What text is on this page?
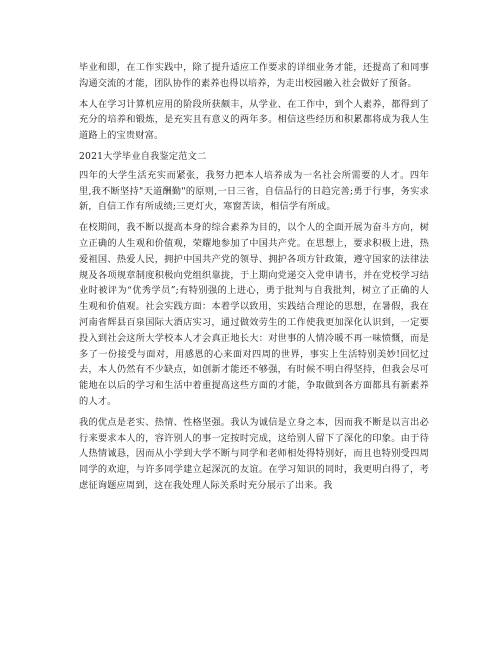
毕业和即，在工作实践中，除了提升适应工作要求的详细业务才能，还提高了和同事沟通交流的才能，团队协作的素养也得以培养，为走出校园融入社会做好了预备。

本人在学习计算机应用的阶段所获颇丰，从学业、在工作中，到个人素养，都得到了充分的培养和锻炼，是充实且有意义的两年多。相信这些经历和积累都将成为我人生道路上的宝贵财富。

2021大学毕业自我鉴定范文二

四年的大学生活充实而紧张，我努力把本人培养成为一名社会所需要的人才。四年里,我不断坚持"天道酬勤"的原则,一日三省，自信品行的日趋完善;勇于行事，务实求新，自信工作有所成绩;三更灯火，寒窗苦读，相信学有所成。

在校期间，我不断以提高本身的综合素养为目的，以个人的全面开展为奋斗方向，树立正确的人生观和价值观，荣耀地参加了中国共产党。在思想上，要求积极上进，热爱祖国、热爱人民，拥护中国共产党的领导、拥护各项方针政策，遵守国家的法律法规及各项规章制度积极向党组织靠拢，于上期向党递交入党申请书，并在党校学习结业时被评为“优秀学员”;有特别强的上进心，勇于批判与自我批判，树立了正确的人生观和价值观。社会实践方面：本着学以致用，实践结合理论的思想，在暑假，我在河南省辉县百泉国际大酒店实习，通过做效劳生的工作使我更加深化认识到，一定要投入到社会这所大学校本人才会真正地长大：对世事的人情冷暖不再一味愤慨，而是多了一份接受与面对，用感恩的心来面对四周的世界，事实上生活特别美妙!回忆过去，本人仍然有不少缺点，如创新才能还不够强，有时候不明白得坚持，但我会尽可能地在以后的学习和生活中着重提高这些方面的才能，争取做到各方面都具有新素养的人才。

我的优点是老实、热情、性格坚强。我认为诚信是立身之本，因而我不断是以言出必行来要求本人的，容许别人的事一定按时完成，这给别人留下了深化的印象。由于待人热情诚恳，因而从小学到大学不断与同学和老师相处得特别好，而且也特别受四周同学的欢迎，与许多同学建立起深沉的友谊。在学习知识的同时，我更明白得了，考虑征询题应周到，这在我处理人际关系时充分展示了出来。我
